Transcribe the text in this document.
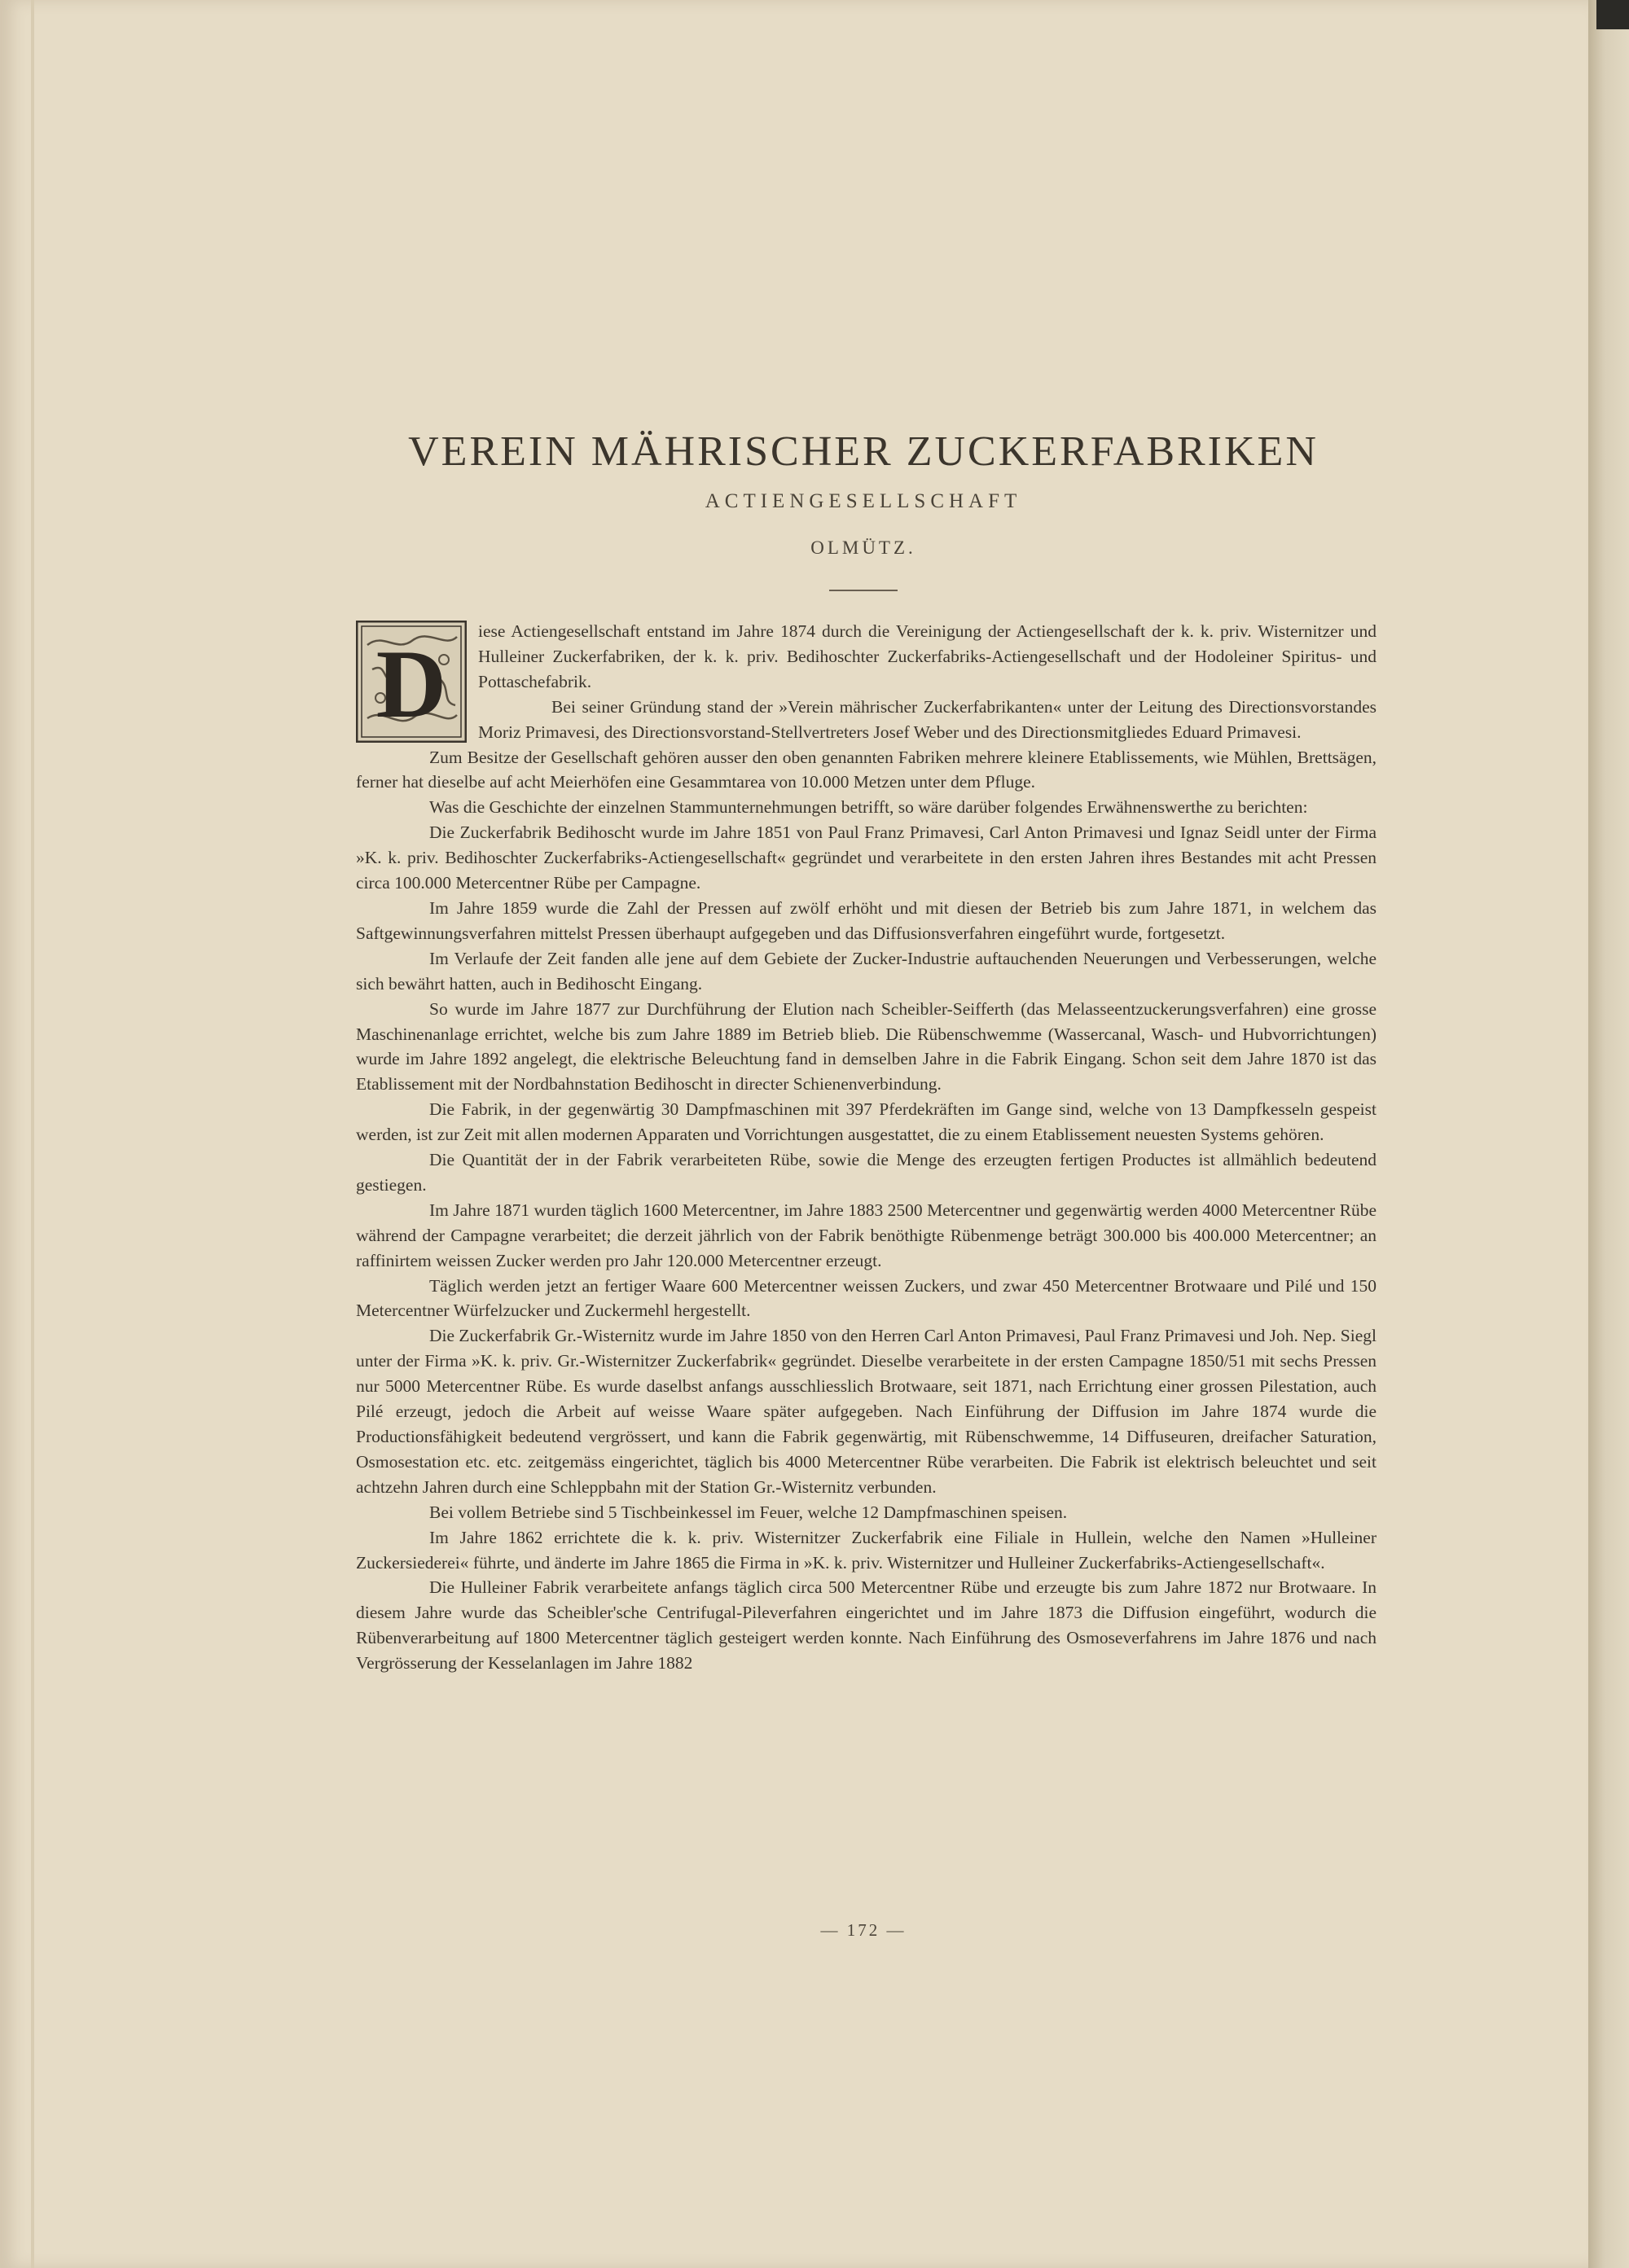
VEREIN MÄHRISCHER ZUCKERFABRIKEN
ACTIENGESELLSCHAFT
OLMÜTZ.

D iese Actiengesellschaft entstand im Jahre 1874 durch die Vereinigung der Actiengesellschaft der k. k. priv. Wisternitzer und Hulleiner Zuckerfabriken, der k. k. priv. Bedihoschter Zuckerfabriks-Actiengesellschaft und der Hodoleiner Spiritus- und Pottaschefabrik.

Bei seiner Gründung stand der »Verein mährischer Zuckerfabrikanten« unter der Leitung des Directionsvorstandes Moriz Primavesi, des Directionsvorstand-Stellvertreters Josef Weber und des Directionsmitgliedes Eduard Primavesi.

Zum Besitze der Gesellschaft gehören ausser den oben genannten Fabriken mehrere kleinere Etablissements, wie Mühlen, Brettsägen, ferner hat dieselbe auf acht Meierhöfen eine Gesammtarea von 10.000 Metzen unter dem Pfluge.

Was die Geschichte der einzelnen Stammunternehmungen betrifft, so wäre darüber folgendes Erwähnenswerthe zu berichten:

Die Zuckerfabrik Bedihoscht wurde im Jahre 1851 von Paul Franz Primavesi, Carl Anton Primavesi und Ignaz Seidl unter der Firma »K. k. priv. Bedihoschter Zuckerfabriks-Actiengesellschaft« gegründet und verarbeitete in den ersten Jahren ihres Bestandes mit acht Pressen circa 100.000 Metercentner Rübe per Campagne.

Im Jahre 1859 wurde die Zahl der Pressen auf zwölf erhöht und mit diesen der Betrieb bis zum Jahre 1871, in welchem das Saftgewinnungsverfahren mittelst Pressen überhaupt aufgegeben und das Diffusionsverfahren eingeführt wurde, fortgesetzt.

Im Verlaufe der Zeit fanden alle jene auf dem Gebiete der Zucker-Industrie auftauchenden Neuerungen und Verbesserungen, welche sich bewährt hatten, auch in Bedihoscht Eingang.

So wurde im Jahre 1877 zur Durchführung der Elution nach Scheibler-Seifferth (das Melasseentzuckerungsverfahren) eine grosse Maschinenanlage errichtet, welche bis zum Jahre 1889 im Betrieb blieb. Die Rübenschwemme (Wassercanal, Wasch- und Hubvorrichtungen) wurde im Jahre 1892 angelegt, die elektrische Beleuchtung fand in demselben Jahre in die Fabrik Eingang. Schon seit dem Jahre 1870 ist das Etablissement mit der Nordbahnstation Bedihoscht in directer Schienenverbindung.

Die Fabrik, in der gegenwärtig 30 Dampfmaschinen mit 397 Pferdekräften im Gange sind, welche von 13 Dampfkesseln gespeist werden, ist zur Zeit mit allen modernen Apparaten und Vorrichtungen ausgestattet, die zu einem Etablissement neuesten Systems gehören.

Die Quantität der in der Fabrik verarbeiteten Rübe, sowie die Menge des erzeugten fertigen Productes ist allmählich bedeutend gestiegen.

Im Jahre 1871 wurden täglich 1600 Metercentner, im Jahre 1883 2500 Metercentner und gegenwärtig werden 4000 Metercentner Rübe während der Campagne verarbeitet; die derzeit jährlich von der Fabrik benöthigte Rübenmenge beträgt 300.000 bis 400.000 Metercentner; an raffinirtem weissen Zucker werden pro Jahr 120.000 Metercentner erzeugt.

Täglich werden jetzt an fertiger Waare 600 Metercentner weissen Zuckers, und zwar 450 Metercentner Brotwaare und Pilé und 150 Metercentner Würfelzucker und Zuckermehl hergestellt.

Die Zuckerfabrik Gr.-Wisternitz wurde im Jahre 1850 von den Herren Carl Anton Primavesi, Paul Franz Primavesi und Joh. Nep. Siegl unter der Firma »K. k. priv. Gr.-Wisternitzer Zuckerfabrik« gegründet. Dieselbe verarbeitete in der ersten Campagne 1850/51 mit sechs Pressen nur 5000 Metercentner Rübe. Es wurde daselbst anfangs ausschliesslich Brotwaare, seit 1871, nach Errichtung einer grossen Pilestation, auch Pilé erzeugt, jedoch die Arbeit auf weisse Waare später aufgegeben. Nach Einführung der Diffusion im Jahre 1874 wurde die Productionsfähigkeit bedeutend vergrössert, und kann die Fabrik gegenwärtig, mit Rübenschwemme, 14 Diffuseuren, dreifacher Saturation, Osmosestation etc. etc. zeitgemäss eingerichtet, täglich bis 4000 Metercentner Rübe verarbeiten. Die Fabrik ist elektrisch beleuchtet und seit achtzehn Jahren durch eine Schleppbahn mit der Station Gr.-Wisternitz verbunden.

Bei vollem Betriebe sind 5 Tischbeinkessel im Feuer, welche 12 Dampfmaschinen speisen.

Im Jahre 1862 errichtete die k. k. priv. Wisternitzer Zuckerfabrik eine Filiale in Hullein, welche den Namen »Hulleiner Zuckersiederei« führte, und änderte im Jahre 1865 die Firma in »K. k. priv. Wisternitzer und Hulleiner Zuckerfabriks-Actiengesellschaft«.

Die Hulleiner Fabrik verarbeitete anfangs täglich circa 500 Metercentner Rübe und erzeugte bis zum Jahre 1872 nur Brotwaare. In diesem Jahre wurde das Scheibler'sche Centrifugal-Pileverfahren eingerichtet und im Jahre 1873 die Diffusion eingeführt, wodurch die Rübenverarbeitung auf 1800 Metercentner täglich gesteigert werden konnte. Nach Einführung des Osmoseverfahrens im Jahre 1876 und nach Vergrösserung der Kesselanlagen im Jahre 1882

— 172 —
